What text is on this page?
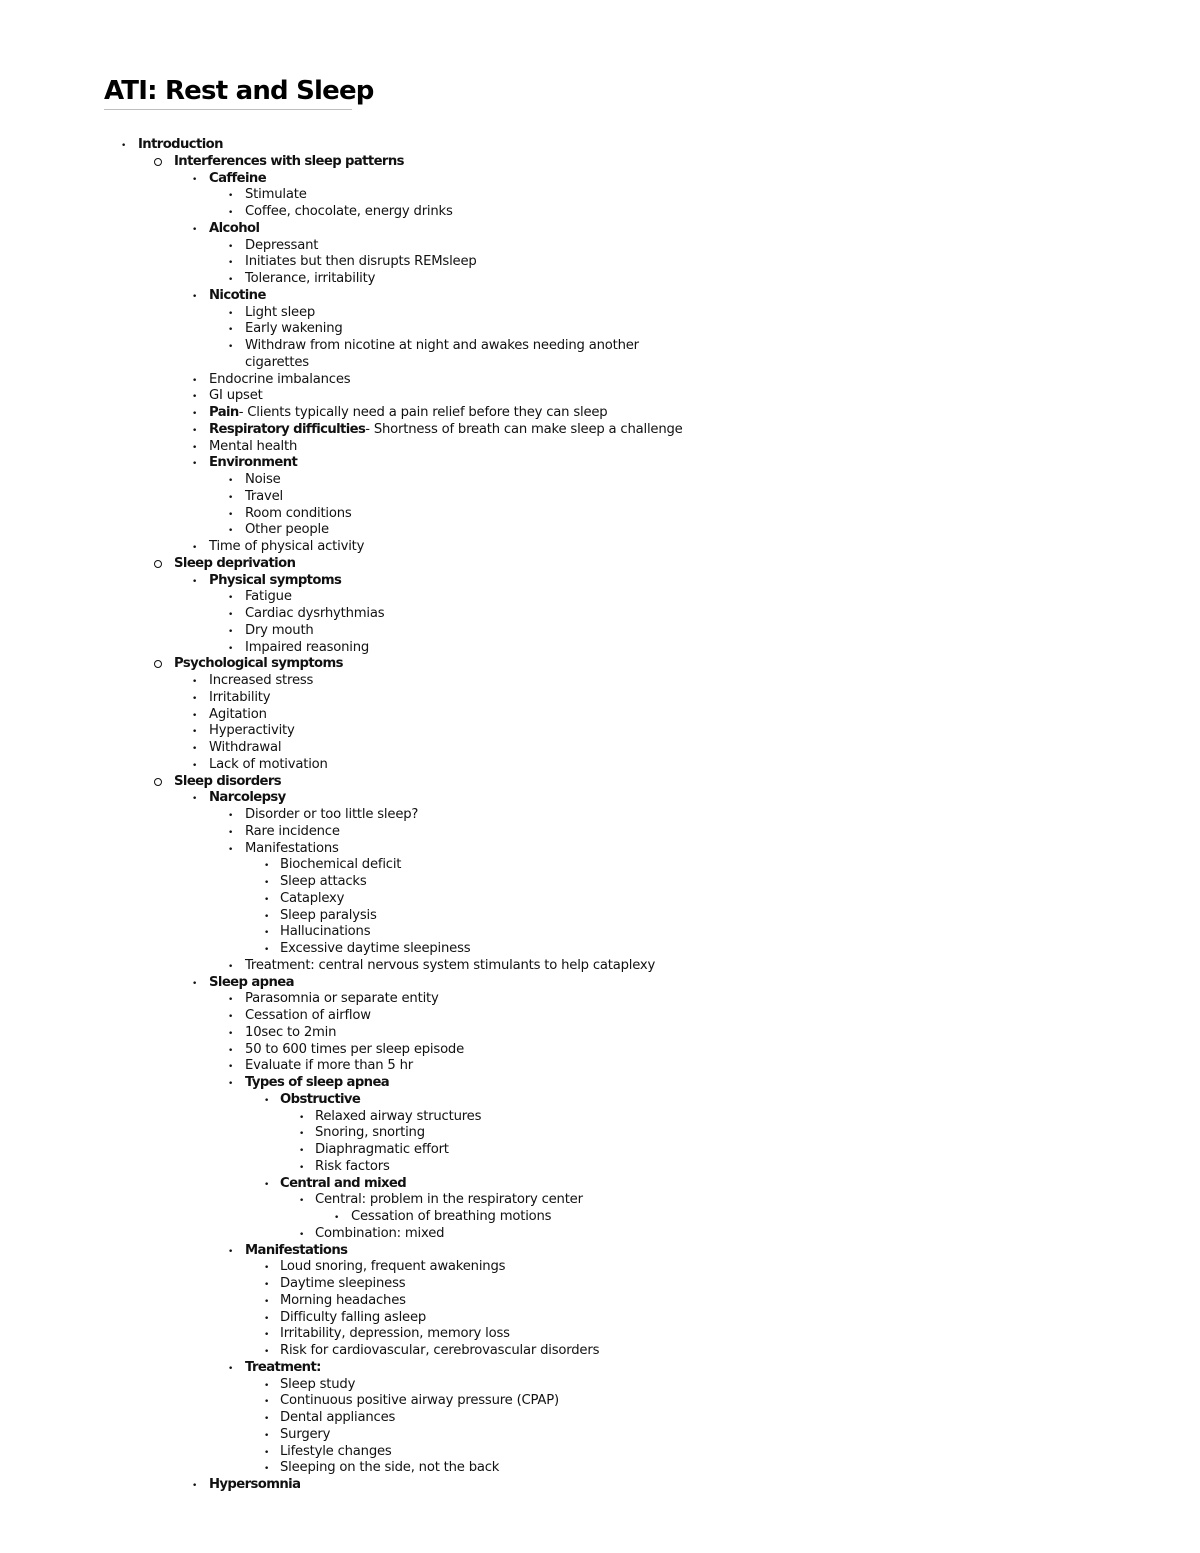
ATI: Rest and Sleep
•
Introduction
Interferences with sleep patterns
•
Caffeine
•
Stimulate
•
Coffee, chocolate, energy drinks
•
Alcohol
•
Depressant
•
Initiates but then disrupts REMsleep
•
Tolerance, irritability
•
Nicotine
•
Light sleep
•
Early wakening
•
Withdraw from nicotine at night and awakes needing another
cigarettes
•
Endocrine imbalances
•
GI upset
•
Pain- Clients typically need a pain relief before they can sleep
•
Respiratory difficulties- Shortness of breath can make sleep a challenge
•
Mental health
•
Environment
•
Noise
•
Travel
•
Room conditions
•
Other people
•
Time of physical activity
Sleep deprivation
•
Physical symptoms
•
Fatigue
•
Cardiac dysrhythmias
•
Dry mouth
•
Impaired reasoning
Psychological symptoms
•
Increased stress
•
Irritability
•
Agitation
•
Hyperactivity
•
Withdrawal
•
Lack of motivation
Sleep disorders
•
Narcolepsy
•
Disorder or too little sleep?
•
Rare incidence
•
Manifestations
•
Biochemical deficit
•
Sleep attacks
•
Cataplexy
•
Sleep paralysis
•
Hallucinations
•
Excessive daytime sleepiness
•
Treatment: central nervous system stimulants to help cataplexy
•
Sleep apnea
•
Parasomnia or separate entity
•
Cessation of airflow
•
10sec to 2min
•
50 to 600 times per sleep episode
•
Evaluate if more than 5 hr
•
Types of sleep apnea
•
Obstructive
•
Relaxed airway structures
•
Snoring, snorting
•
Diaphragmatic effort
•
Risk factors
•
Central and mixed
•
Central: problem in the respiratory center
•
Cessation of breathing motions
•
Combination: mixed
•
Manifestations
•
Loud snoring, frequent awakenings
•
Daytime sleepiness
•
Morning headaches
•
Difficulty falling asleep
•
Irritability, depression, memory loss
•
Risk for cardiovascular, cerebrovascular disorders
•
Treatment:
•
Sleep study
•
Continuous positive airway pressure (CPAP)
•
Dental appliances
•
Surgery
•
Lifestyle changes
•
Sleeping on the side, not the back
•
Hypersomnia
